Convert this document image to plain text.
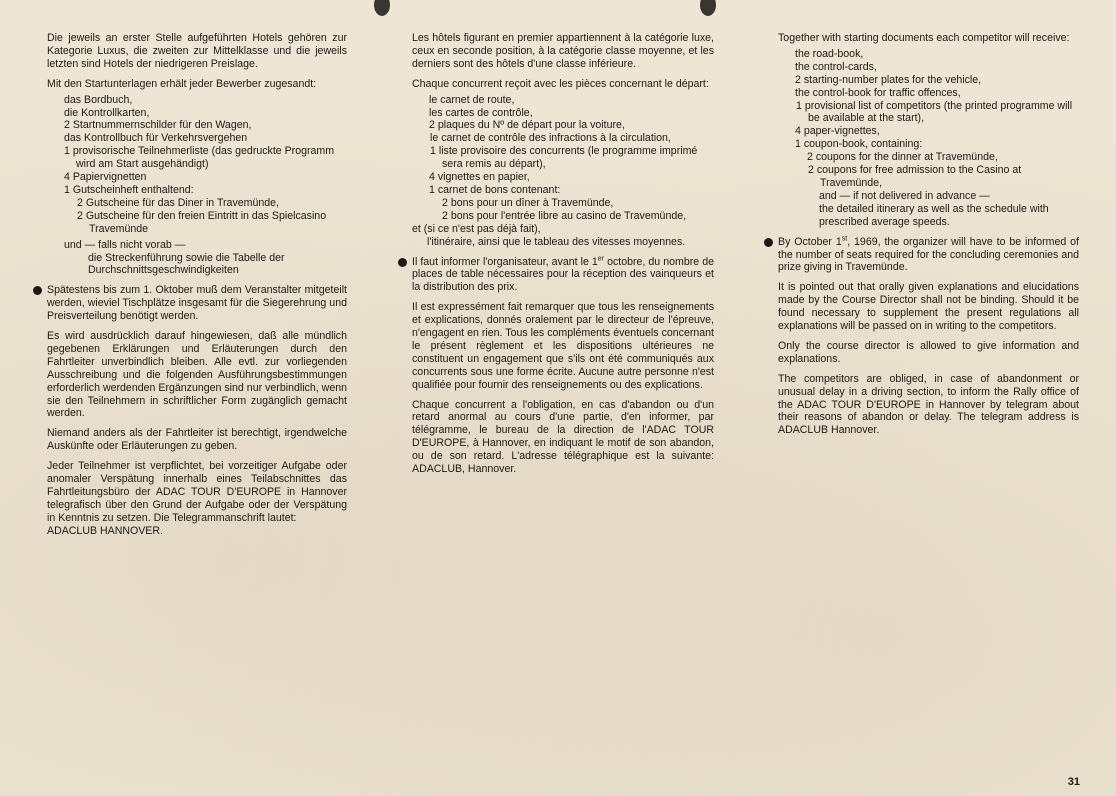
Die jeweils an erster Stelle aufgeführten Hotels gehören zur Kategorie Luxus, die zweiten zur Mittelklasse und die jeweils letzten sind Hotels der niedrigeren Preislage.

Mit den Startunterlagen erhält jeder Bewerber zugesandt:

das Bordbuch,
die Kontrollkarten,
2 Startnummernschilder für den Wagen,
das Kontrollbuch für Verkehrsvergehen
1 provisorische Teilnehmerliste (das gedruckte Programm wird am Start ausgehändigt)
4 Papiervignetten
1 Gutscheinheft enthaltend:
2 Gutscheine für das Diner in Travemünde,
2 Gutscheine für den freien Eintritt in das Spielcasino Travemünde
und — falls nicht vorab —
die Streckenführung sowie die Tabelle der Durchschnittsgeschwindigkeiten

Spätestens bis zum 1. Oktober muß dem Veranstalter mitgeteilt werden, wieviel Tischplätze insgesamt für die Siegerehrung und Preisverteilung benötigt werden.

Es wird ausdrücklich darauf hingewiesen, daß alle mündlich gegebenen Erklärungen und Erläuterungen durch den Fahrtleiter unverbindlich bleiben. Alle evtl. zur vorliegenden Ausschreibung und die folgenden Ausführungsbestimmungen erforderlich werdenden Ergänzungen sind nur verbindlich, wenn sie den Teilnehmern in schriftlicher Form zugänglich gemacht werden.

Niemand anders als der Fahrtleiter ist berechtigt, irgendwelche Auskünfte oder Erläuterungen zu geben.

Jeder Teilnehmer ist verpflichtet, bei vorzeitiger Aufgabe oder anomaler Verspätung innerhalb eines Teilabschnittes das Fahrtleitungsbüro der ADAC TOUR D'EUROPE in Hannover telegrafisch über den Grund der Aufgabe oder der Verspätung in Kenntnis zu setzen. Die Telegrammanschrift lautet:

ADACLUB HANNOVER.

Les hôtels figurant en premier appartiennent à la catégorie luxe, ceux en seconde position, à la catégorie classe moyenne, et les derniers sont des hôtels d'une classe inférieure.

Chaque concurrent reçoit avec les pièces concernant le départ:

le carnet de route,
les cartes de contrôle,
2 plaques du Nº de départ pour la voiture,
le carnet de contrôle des infractions à la circulation,
1 liste provisoire des concurrents (le programme imprimé sera remis au départ),
4 vignettes en papier,
1 carnet de bons contenant:
2 bons pour un dîner à Travemünde,
2 bons pour l'entrée libre au casino de Travemünde,
et (si ce n'est pas déjà fait),
l'itinéraire, ainsi que le tableau des vitesses moyennes.

Il faut informer l'organisateur, avant le 1er octobre, du nombre de places de table nécessaires pour la réception des vainqueurs et la distribution des prix.

Il est expressément fait remarquer que tous les renseignements et explications, donnés oralement par le directeur de l'épreuve, n'engagent en rien. Tous les compléments éventuels concernant le présent règlement et les dispositions ultérieures ne constituent un engagement que s'ils ont été communiqués aux concurrents sous une forme écrite. Aucune autre personne n'est qualifiée pour fournir des renseignements ou des explications.

Chaque concurrent a l'obligation, en cas d'abandon ou d'un retard anormal au cours d'une partie, d'en informer, par télégramme, le bureau de la direction de l'ADAC TOUR D'EUROPE, à Hannover, en indiquant le motif de son abandon, ou de son retard. L'adresse télégraphique est la suivante: ADACLUB, Hannover.

Together with starting documents each competitor will receive:

the road-book,
the control-cards,
2 starting-number plates for the vehicle,
the control-book for traffic offences,
1 provisional list of competitors (the printed programme will be available at the start),
4 paper-vignettes,
1 coupon-book, containing:
2 coupons for the dinner at Travemünde,
2 coupons for free admission to the Casino at Travemünde,
and — if not delivered in advance —
the detailed itinerary as well as the schedule with prescribed average speeds.

By October 1st, 1969, the organizer will have to be informed of the number of seats required for the concluding ceremonies and prize giving in Travemünde.

It is pointed out that orally given explanations and elucidations made by the Course Director shall not be binding. Should it be found necessary to supplement the present regulations all explanations will be passed on in writing to the competitors.

Only the course director is allowed to give information and explanations.

The competitors are obliged, in case of abandonment or unusual delay in a driving section, to inform the Rally office of the ADAC TOUR D'EUROPE in Hannover by telegram about their reasons of abandon or delay. The telegram address is ADACLUB Hannover.

31
